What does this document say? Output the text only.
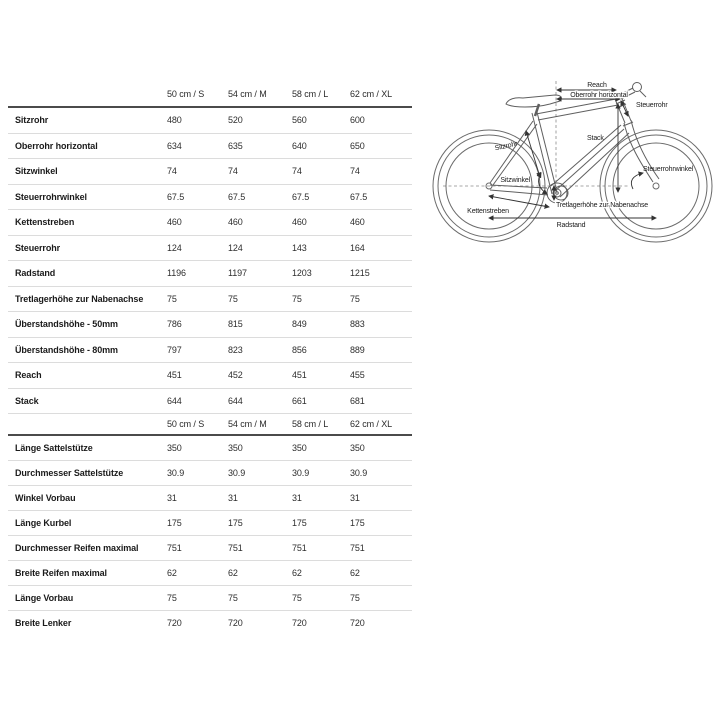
50 cm / S	54 cm / M	58 cm / L	62 cm / XL
Sitzrohr	480	520	560	600
Oberrohr horizontal	634	635	640	650
Sitzwinkel	74	74	74	74
Steuerrohrwinkel	67.5	67.5	67.5	67.5
Kettenstreben	460	460	460	460
Steuerrohr	124	124	143	164
Radstand	1196	1197	1203	1215
Tretlagerhöhe zur Nabenachse	75	75	75	75
Überstandshöhe - 50mm	786	815	849	883
Überstandshöhe - 80mm	797	823	856	889
Reach	451	452	451	455
Stack	644	644	661	681
50 cm / S	54 cm / M	58 cm / L	62 cm / XL
Länge Sattelstütze	350	350	350	350
Durchmesser Sattelstütze	30.9	30.9	30.9	30.9
Winkel Vorbau	31	31	31	31
Länge Kurbel	175	175	175	175
Durchmesser Reifen maximal	751	751	751	751
Breite Reifen maximal	62	62	62	62
Länge Vorbau	75	75	75	75
Breite Lenker	720	720	720	720
Reach
Oberrohr horizontal
Steuerrohr
Stack
Sitzrohr
Sitzwinkel
Steuerrohrwinkel
Tretlagerhöhe zur Nabenachse
Kettenstreben
Radstand
